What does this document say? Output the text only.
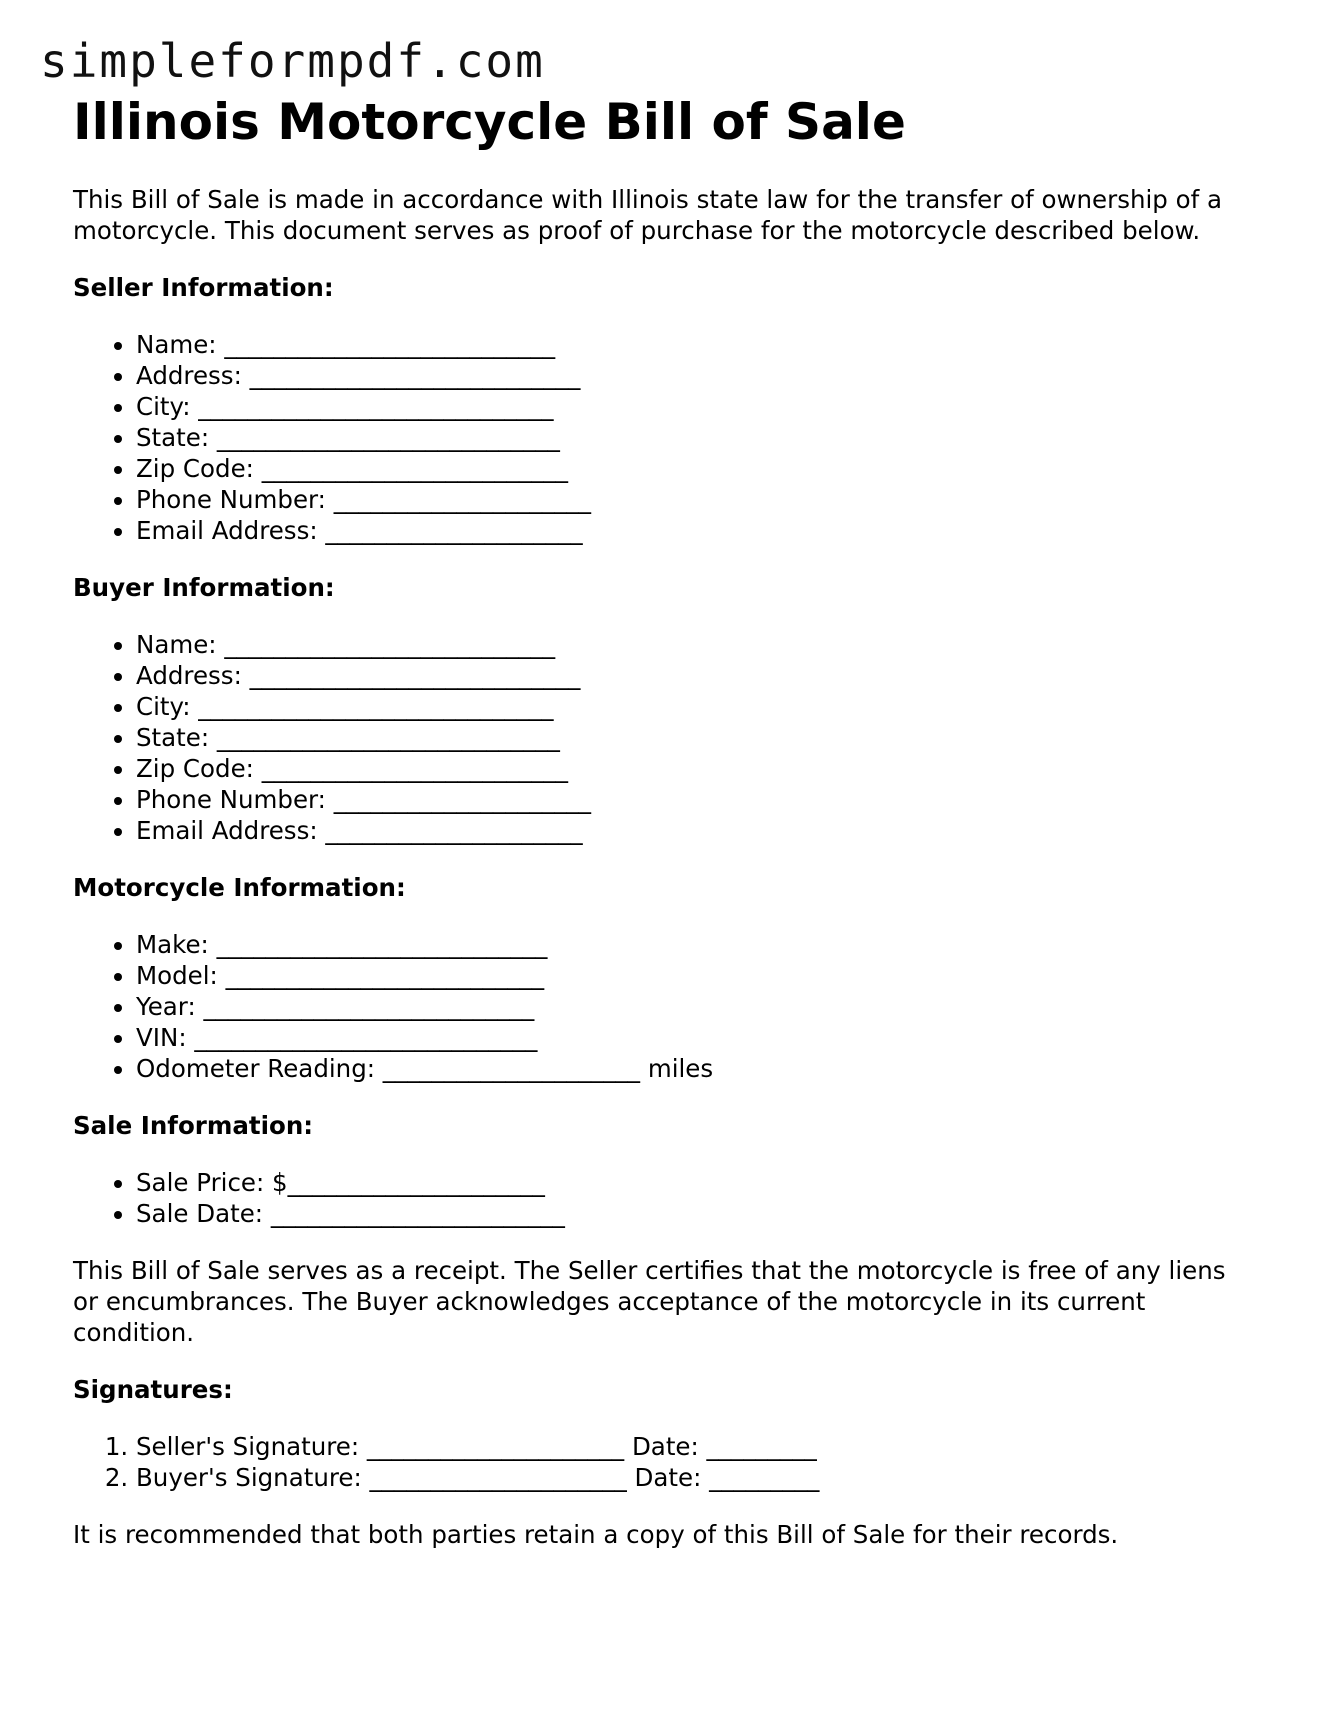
simpleformpdf.com
Illinois Motorcycle Bill of Sale

This Bill of Sale is made in accordance with Illinois state law for the transfer of ownership of a motorcycle. This document serves as proof of purchase for the motorcycle described below.

Seller Information:
• Name: ___________________________
• Address: ___________________________
• City: _____________________________
• State: ____________________________
• Zip Code: _________________________
• Phone Number: _____________________
• Email Address: _____________________
Buyer Information:
• Name: ___________________________
• Address: ___________________________
• City: _____________________________
• State: ____________________________
• Zip Code: _________________________
• Phone Number: _____________________
• Email Address: _____________________
Motorcycle Information:
• Make: ___________________________
• Model: __________________________
• Year: ___________________________
• VIN: ____________________________
• Odometer Reading: _____________________ miles
Sale Information:
• Sale Price: $_____________________
• Sale Date: ________________________

This Bill of Sale serves as a receipt. The Seller certifies that the motorcycle is free of any liens or encumbrances. The Buyer acknowledges acceptance of the motorcycle in its current condition.

Signatures:
1. Seller's Signature: _____________________ Date: _________
2. Buyer's Signature: _____________________ Date: _________

It is recommended that both parties retain a copy of this Bill of Sale for their records.
